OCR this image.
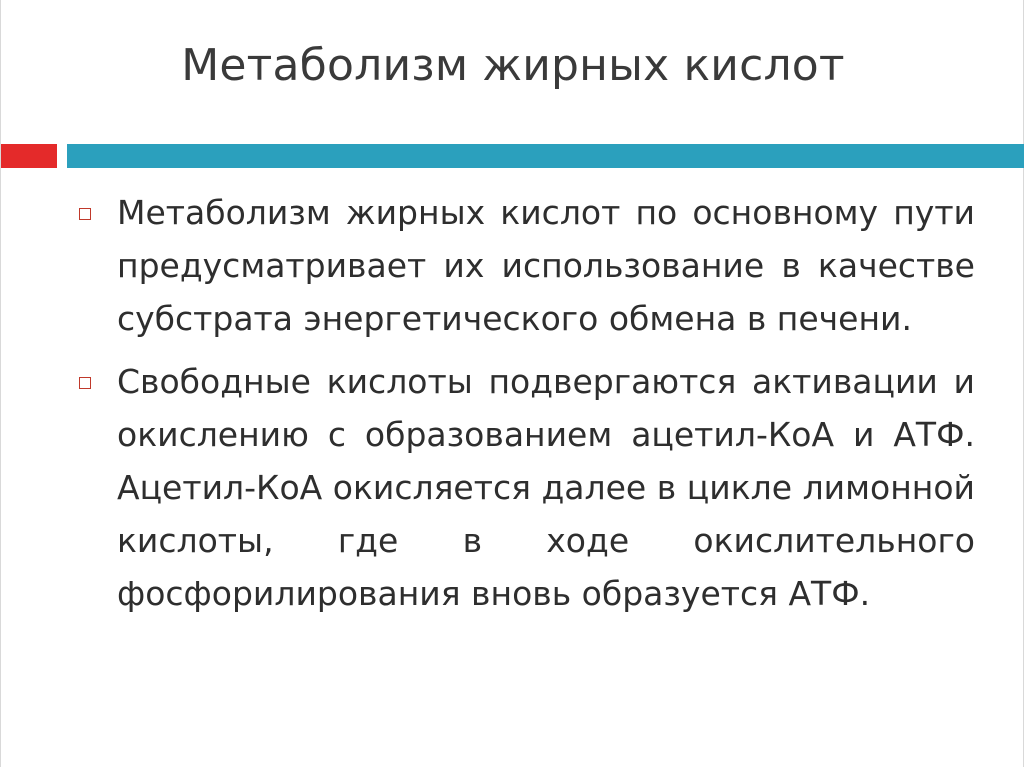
Метаболизм жирных кислот

Метаболизм жирных кислот по основному пути предусматривает их использование в качестве субстрата энергетического обмена в печени.

Свободные кислоты подвергаются активации и окислению с образованием ацетил-КоА и АТФ. Ацетил-КоА окисляется далее в цикле лимонной кислоты, где в ходе окислительного фосфорилирования вновь образуется АТФ.
